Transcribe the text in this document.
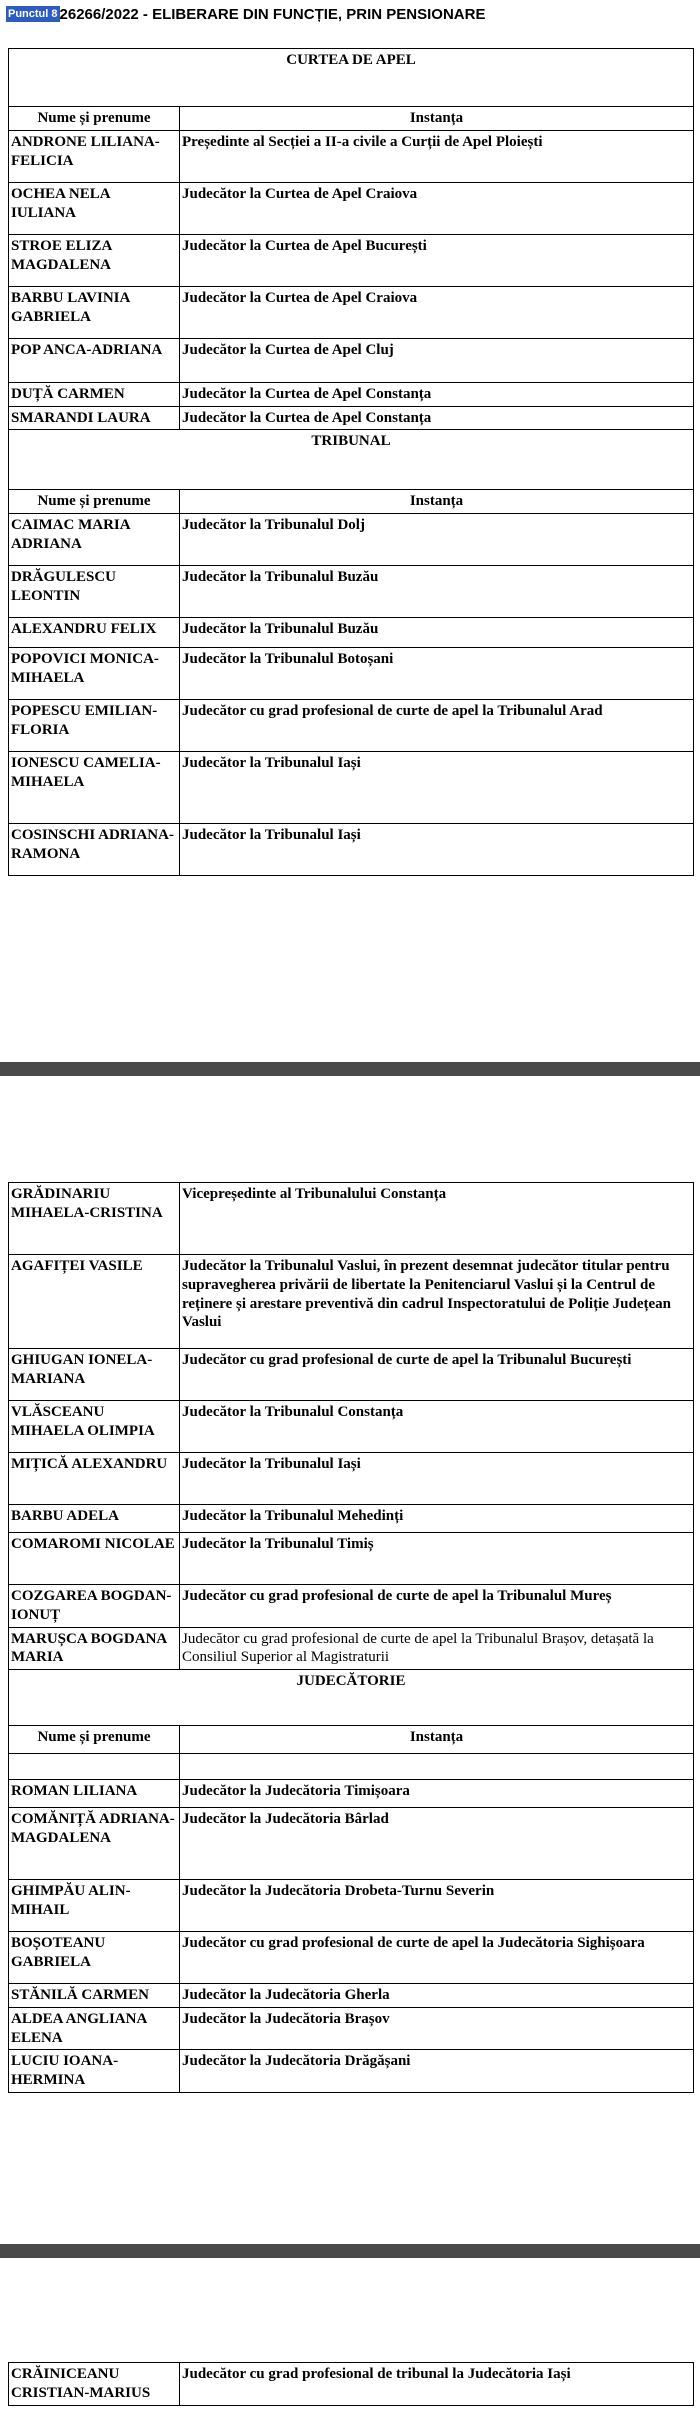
Punctul 8 26266/2022 - ELIBERARE DIN FUNCȚIE, PRIN PENSIONARE
CURTEA DE APEL	

Nume și prenume	Instanța
ANDRONE LILIANA-FELICIA	Președinte al Secției a II-a civile a Curții de Apel Ploiești
OCHEA NELA IULIANA	Judecător la Curtea de Apel Craiova
STROE ELIZA MAGDALENA	Judecător la Curtea de Apel București
BARBU LAVINIA GABRIELA	Judecător la Curtea de Apel Craiova
POP ANCA-ADRIANA	Judecător la Curtea de Apel Cluj
DUȚĂ CARMEN	Judecător la Curtea de Apel Constanța
SMARANDI LAURA	Judecător la Curtea de Apel Constanța

TRIBUNAL	

Nume și prenume	Instanța
CAIMAC MARIA ADRIANA	Judecător la Tribunalul Dolj
DRĂGULESCU LEONTIN	Judecător la Tribunalul Buzău
ALEXANDRU FELIX	Judecător la Tribunalul Buzău
POPOVICI MONICA-MIHAELA	Judecător la Tribunalul Botoșani
POPESCU EMILIAN-FLORIA	Judecător cu grad profesional de curte de apel la Tribunalul Arad
IONESCU CAMELIA-MIHAELA	Judecător la Tribunalul Iași
COSINSCHI ADRIANA-RAMONA	Judecător la Tribunalul Iași
GRĂDINARIU MIHAELA-CRISTINA	Vicepreședinte al Tribunalului Constanța
AGAFIȚEI VASILE	Judecător la Tribunalul Vaslui, în prezent desemnat judecător titular pentru supravegherea privării de libertate la Penitenciarul Vaslui și la Centrul de reținere și arestare preventivă din cadrul Inspectoratului de Poliție Județean Vaslui
GHIUGAN IONELA-MARIANA	Judecător cu grad profesional de curte de apel la Tribunalul București
VLĂSCEANU MIHAELA OLIMPIA	Judecător la Tribunalul Constanța
MIȚICĂ ALEXANDRU	Judecător la Tribunalul Iași
BARBU ADELA	Judecător la Tribunalul Mehedinți
COMAROMI NICOLAE	Judecător la Tribunalul Timiș
COZGAREA BOGDAN-IONUȚ	Judecător cu grad profesional de curte de apel la Tribunalul Mureș
MARUȘCA BOGDANA MARIA	Judecător cu grad profesional de curte de apel la Tribunalul Brașov, detașată la Consiliul Superior al Magistraturii

JUDECĂTORIE	

Nume și prenume	Instanța

ROMAN LILIANA	Judecător la Judecătoria Timișoara
COMĂNIȚĂ ADRIANA-MAGDALENA	Judecător la Judecătoria Bârlad
GHIMPĂU ALIN-MIHAIL	Judecător la Judecătoria Drobeta-Turnu Severin
BOȘOTEANU GABRIELA	Judecător cu grad profesional de curte de apel la Judecătoria Sighișoara
STĂNILĂ CARMEN	Judecător la Judecătoria Gherla
ALDEA ANGLIANA ELENA	Judecător la Judecătoria Brașov
LUCIU IOANA-HERMINA	Judecător la Judecătoria Drăgășani
CRĂINICEANU CRISTIAN-MARIUS	Judecător cu grad profesional de tribunal la Judecătoria Iași
